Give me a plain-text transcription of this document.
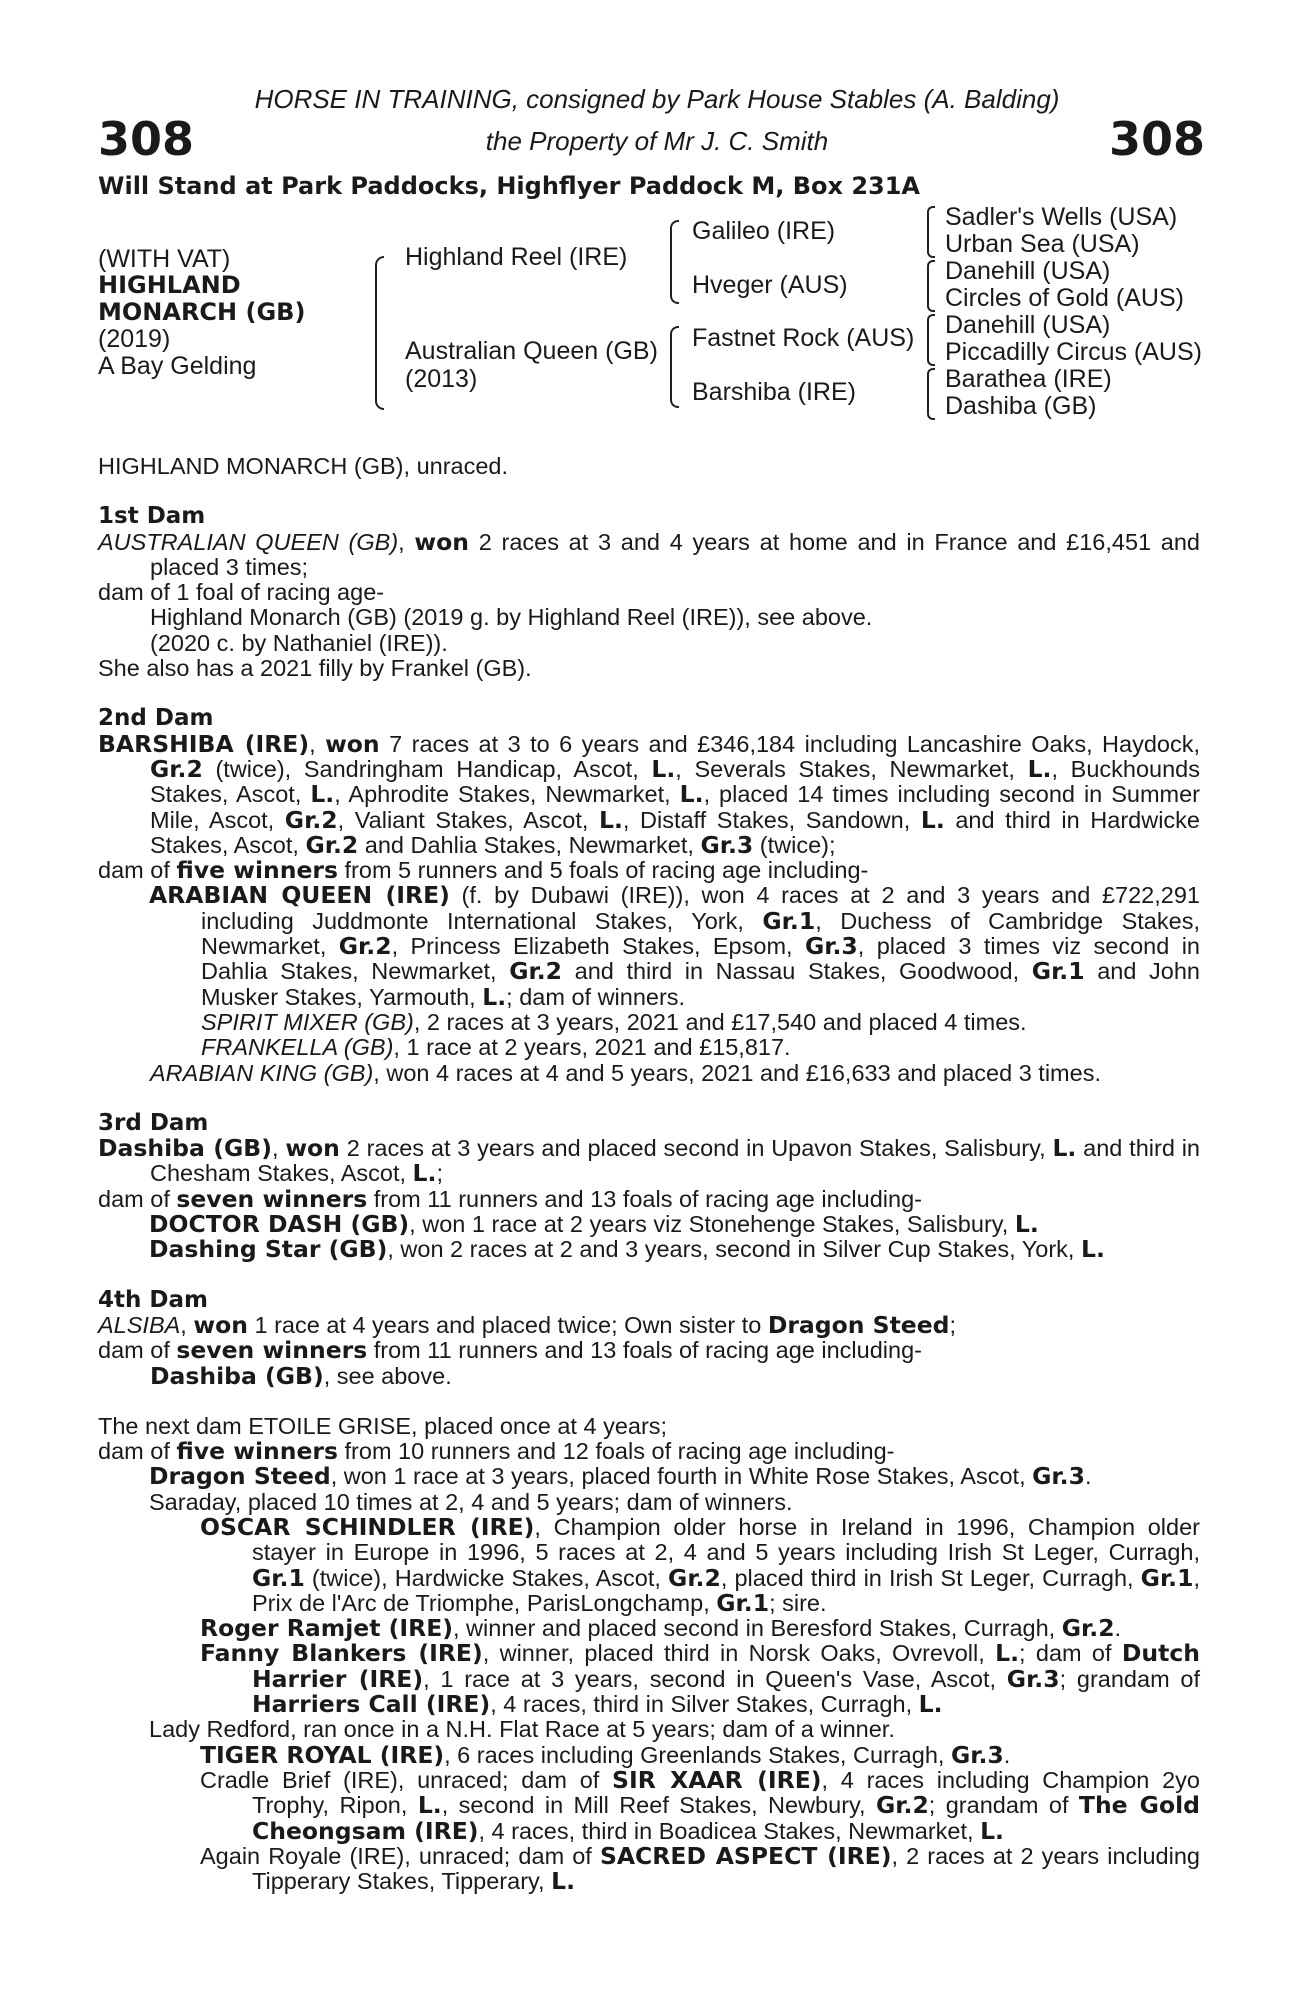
308	308
HORSE IN TRAINING, consigned by Park House Stables (A. Balding)
the Property of Mr J. C. Smith
Will Stand at Park Paddocks, Highflyer Paddock M, Box 231A
(WITH VAT)
HIGHLAND
MONARCH (GB)
(2019)
A Bay Gelding
Highland Reel (IRE)
Australian Queen (GB)
(2013)
Galileo (IRE)
Hveger (AUS)
Fastnet Rock (AUS)
Barshiba (IRE)
Sadler's Wells (USA)
Urban Sea (USA)
Danehill (USA)
Circles of Gold (AUS)
Danehill (USA)
Piccadilly Circus (AUS)
Barathea (IRE)
Dashiba (GB)

HIGHLAND MONARCH (GB), unraced.

1st Dam

AUSTRALIAN QUEEN (GB), won 2 races at 3 and 4 years at home and in France and £16,451 and placed 3 times;

dam of 1 foal of racing age-

Highland Monarch (GB) (2019 g. by Highland Reel (IRE)), see above.

(2020 c. by Nathaniel (IRE)).

She also has a 2021 filly by Frankel (GB).

2nd Dam

BARSHIBA (IRE), won 7 races at 3 to 6 years and £346,184 including Lancashire Oaks, Haydock, Gr.2 (twice), Sandringham Handicap, Ascot, L., Severals Stakes, Newmarket, L., Buckhounds Stakes, Ascot, L., Aphrodite Stakes, Newmarket, L., placed 14 times including second in Summer Mile, Ascot, Gr.2, Valiant Stakes, Ascot, L., Distaff Stakes, Sandown, L. and third in Hardwicke Stakes, Ascot, Gr.2 and Dahlia Stakes, Newmarket, Gr.3 (twice);

dam of five winners from 5 runners and 5 foals of racing age including-

ARABIAN QUEEN (IRE) (f. by Dubawi (IRE)), won 4 races at 2 and 3 years and £722,291 including Juddmonte International Stakes, York, Gr.1, Duchess of Cambridge Stakes, Newmarket, Gr.2, Princess Elizabeth Stakes, Epsom, Gr.3, placed 3 times viz second in Dahlia Stakes, Newmarket, Gr.2 and third in Nassau Stakes, Goodwood, Gr.1 and John Musker Stakes, Yarmouth, L.; dam of winners.

SPIRIT MIXER (GB), 2 races at 3 years, 2021 and £17,540 and placed 4 times.

FRANKELLA (GB), 1 race at 2 years, 2021 and £15,817.

ARABIAN KING (GB), won 4 races at 4 and 5 years, 2021 and £16,633 and placed 3 times.

3rd Dam

Dashiba (GB), won 2 races at 3 years and placed second in Upavon Stakes, Salisbury, L. and third in Chesham Stakes, Ascot, L.;

dam of seven winners from 11 runners and 13 foals of racing age including-

DOCTOR DASH (GB), won 1 race at 2 years viz Stonehenge Stakes, Salisbury, L.

Dashing Star (GB), won 2 races at 2 and 3 years, second in Silver Cup Stakes, York, L.

4th Dam

ALSIBA, won 1 race at 4 years and placed twice; Own sister to Dragon Steed;

dam of seven winners from 11 runners and 13 foals of racing age including-

Dashiba (GB), see above.

The next dam ETOILE GRISE, placed once at 4 years;

dam of five winners from 10 runners and 12 foals of racing age including-

Dragon Steed, won 1 race at 3 years, placed fourth in White Rose Stakes, Ascot, Gr.3.

Saraday, placed 10 times at 2, 4 and 5 years; dam of winners.

OSCAR SCHINDLER (IRE), Champion older horse in Ireland in 1996, Champion older stayer in Europe in 1996, 5 races at 2, 4 and 5 years including Irish St Leger, Curragh, Gr.1 (twice), Hardwicke Stakes, Ascot, Gr.2, placed third in Irish St Leger, Curragh, Gr.1, Prix de l'Arc de Triomphe, ParisLongchamp, Gr.1; sire.

Roger Ramjet (IRE), winner and placed second in Beresford Stakes, Curragh, Gr.2.

Fanny Blankers (IRE), winner, placed third in Norsk Oaks, Ovrevoll, L.; dam of Dutch Harrier (IRE), 1 race at 3 years, second in Queen's Vase, Ascot, Gr.3; grandam of Harriers Call (IRE), 4 races, third in Silver Stakes, Curragh, L.

Lady Redford, ran once in a N.H. Flat Race at 5 years; dam of a winner.

TIGER ROYAL (IRE), 6 races including Greenlands Stakes, Curragh, Gr.3.

Cradle Brief (IRE), unraced; dam of SIR XAAR (IRE), 4 races including Champion 2yo Trophy, Ripon, L., second in Mill Reef Stakes, Newbury, Gr.2; grandam of The Gold Cheongsam (IRE), 4 races, third in Boadicea Stakes, Newmarket, L.

Again Royale (IRE), unraced; dam of SACRED ASPECT (IRE), 2 races at 2 years including Tipperary Stakes, Tipperary, L.
